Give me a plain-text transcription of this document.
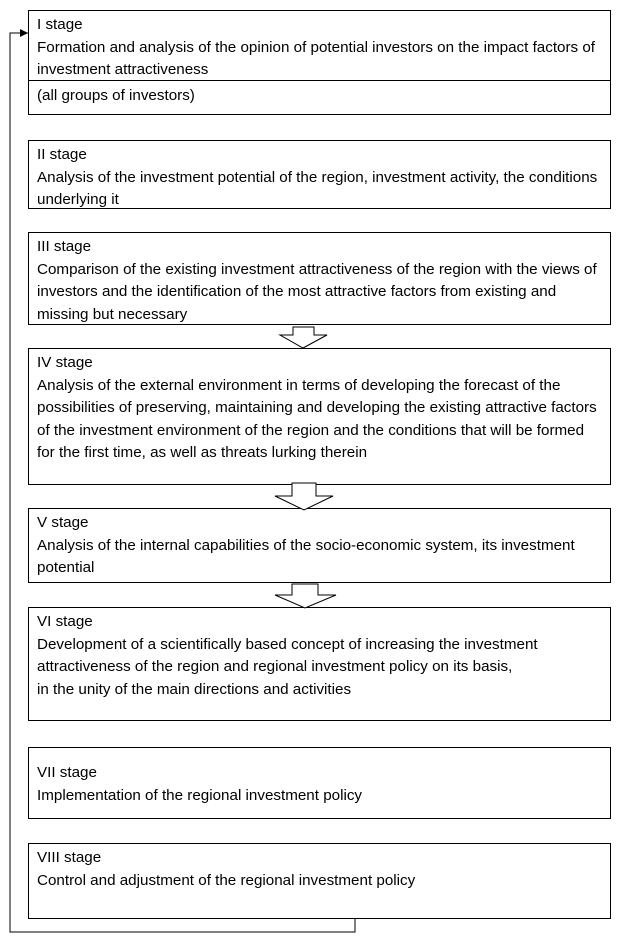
I stage
Formation and analysis of the opinion of potential investors on the impact factors of investment attractiveness
(all groups of investors)
II stage
Analysis of the investment potential of the region, investment activity, the conditions underlying it
III stage
Comparison of the existing investment attractiveness of the region with the views of investors and the identification of the most attractive factors from existing and missing but necessary
IV stage
Analysis of the external environment in terms of developing the forecast of the possibilities of preserving, maintaining and developing the existing attractive factors of the investment environment of the region and the conditions that will be formed for the first time, as well as threats lurking therein
V stage
Analysis of the internal capabilities of the socio-economic system, its investment potential
VI stage
Development of a scientifically based concept of increasing the investment attractiveness of the region and regional investment policy on its basis,
in the unity of the main directions and activities
VII stage
Implementation of the regional investment policy
VIII stage
Control and adjustment of the regional investment policy
